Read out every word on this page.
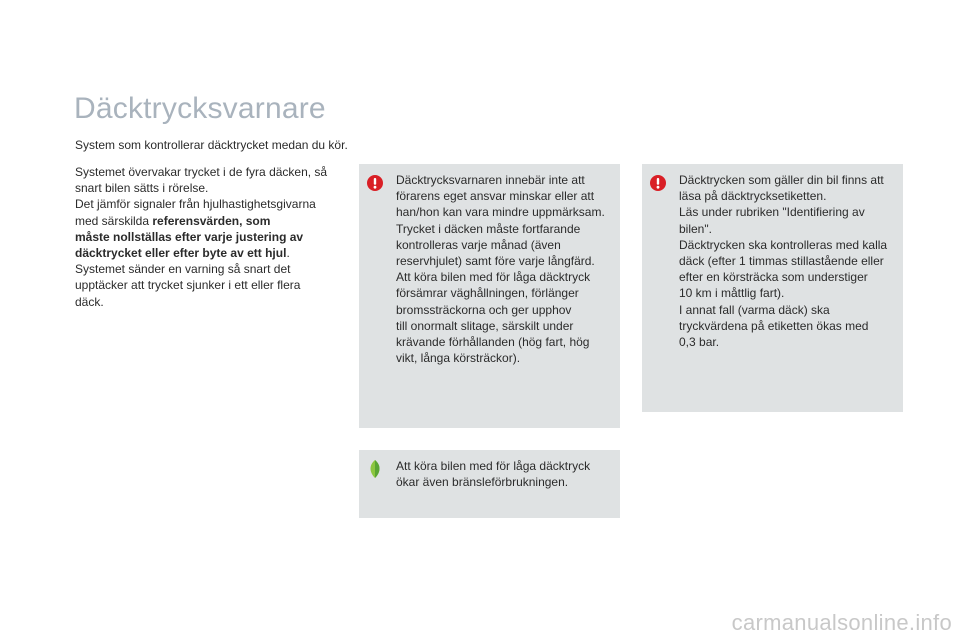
Däcktrycksvarnare

System som kontrollerar däcktrycket medan du kör.

Systemet övervakar trycket i de fyra däcken, så

snart bilen sätts i rörelse.

Det jämför signaler från hjulhastighetsgivarna

med särskilda referensvärden, som

måste nollställas efter varje justering av

däcktrycket eller efter byte av ett hjul.

Systemet sänder en varning så snart det

upptäcker att trycket sjunker i ett eller flera

däck.

Däcktrycksvarnaren innebär inte att

förarens eget ansvar minskar eller att

han/hon kan vara mindre uppmärksam.

Trycket i däcken måste fortfarande

kontrolleras varje månad (även

reservhjulet) samt före varje långfärd.

Att köra bilen med för låga däcktryck

försämrar väghållningen, förlänger

bromssträckorna och ger upphov

till onormalt slitage, särskilt under

krävande förhållanden (hög fart, hög

vikt, långa körsträckor).

Däcktrycken som gäller din bil finns att

läsa på däcktrycksetiketten.

Läs under rubriken "Identifiering av

bilen".

Däcktrycken ska kontrolleras med kalla

däck (efter 1 timmas stillastående eller

efter en körsträcka som understiger

10 km i måttlig fart).

I annat fall (varma däck) ska

tryckvärdena på etiketten ökas med

0,3 bar.

Att köra bilen med för låga däcktryck

ökar även bränsleförbrukningen.

carmanualsonline.info
